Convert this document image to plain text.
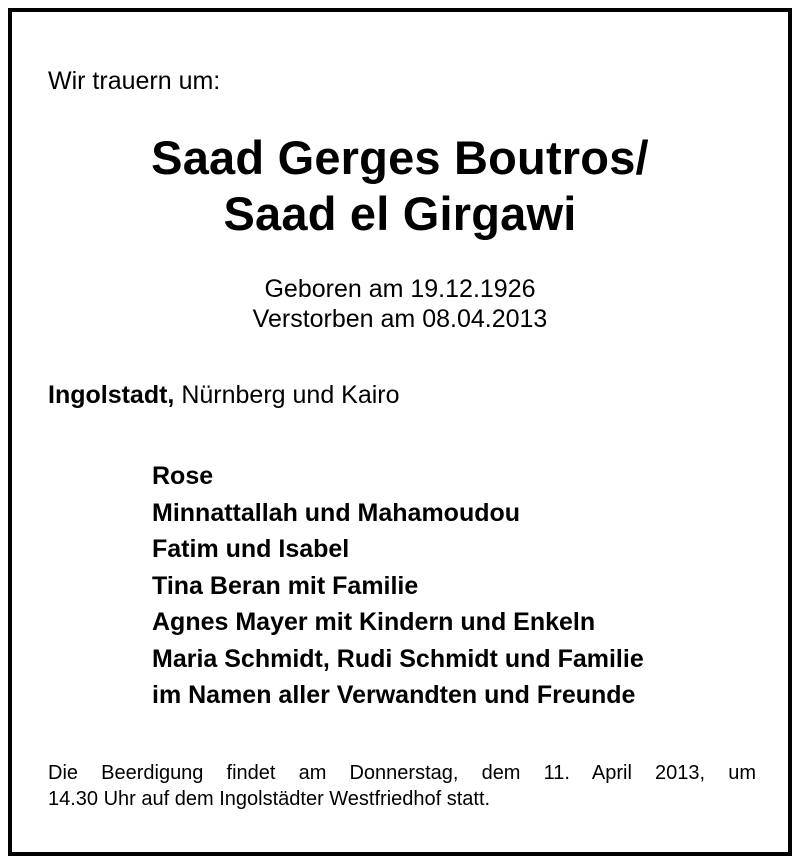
Wir trauern um:
Saad Gerges Boutros/
Saad el Girgawi
Geboren am 19.12.1926
Verstorben am 08.04.2013
Ingolstadt, Nürnberg und Kairo
Rose
Minnattallah und Mahamoudou
Fatim und Isabel
Tina Beran mit Familie
Agnes Mayer mit Kindern und Enkeln
Maria Schmidt, Rudi Schmidt und Familie
im Namen aller Verwandten und Freunde
Die Beerdigung findet am Donnerstag, dem 11. April 2013, um
14.30 Uhr auf dem Ingolstädter Westfriedhof statt.
